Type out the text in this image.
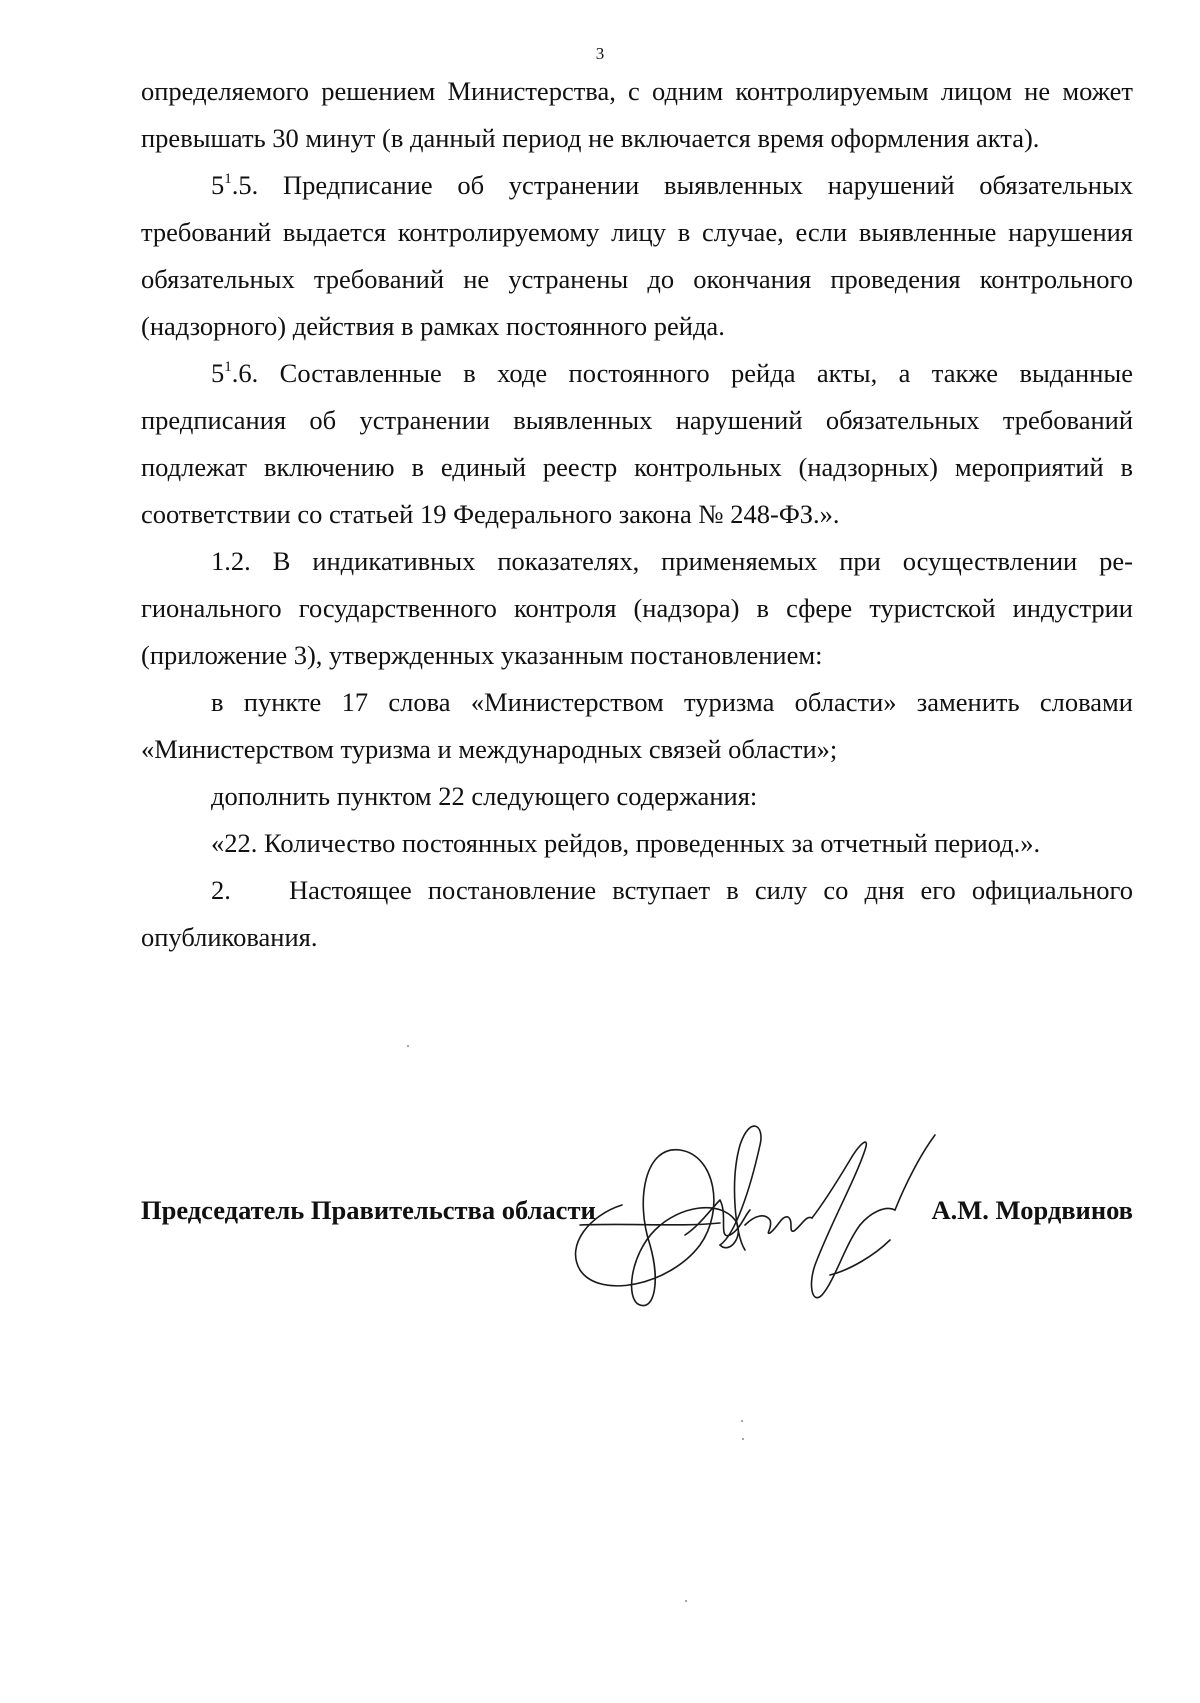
3

определяемого решением Министерства, с одним контролируемым лицом не может превышать 30 минут (в данный период не включается время оформления акта).

$5^1.5$. Предписание об устранении выявленных нарушений обязательных требований выдается контролируемому лицу в случае, если выявленные нарушения обязательных требований не устранены до окончания проведения контрольного (надзорного) действия в рамках постоянного рейда.

$5^1.6$. Составленные в ходе постоянного рейда акты, а также выданные предписания об устранении выявленных нарушений обязательных требований подлежат включению в единый реестр контрольных (надзорных) мероприятий в соответствии со статьей 19 Федерального закона № 248-ФЗ.».

1.2. В индикативных показателях, применяемых при осуществлении регионального государственного контроля (надзора) в сфере туристской индустрии (приложение 3), утвержденных указанным постановлением:

в пункте 17 слова «Министерством туризма области» заменить словами «Министерством туризма и международных связей области»;

дополнить пунктом 22 следующего содержания:

«22. Количество постоянных рейдов, проведенных за отчетный период.».

2. Настоящее постановление вступает в силу со дня его официального опубликования.

Председатель Правительства области	А.М. Мордвинов
